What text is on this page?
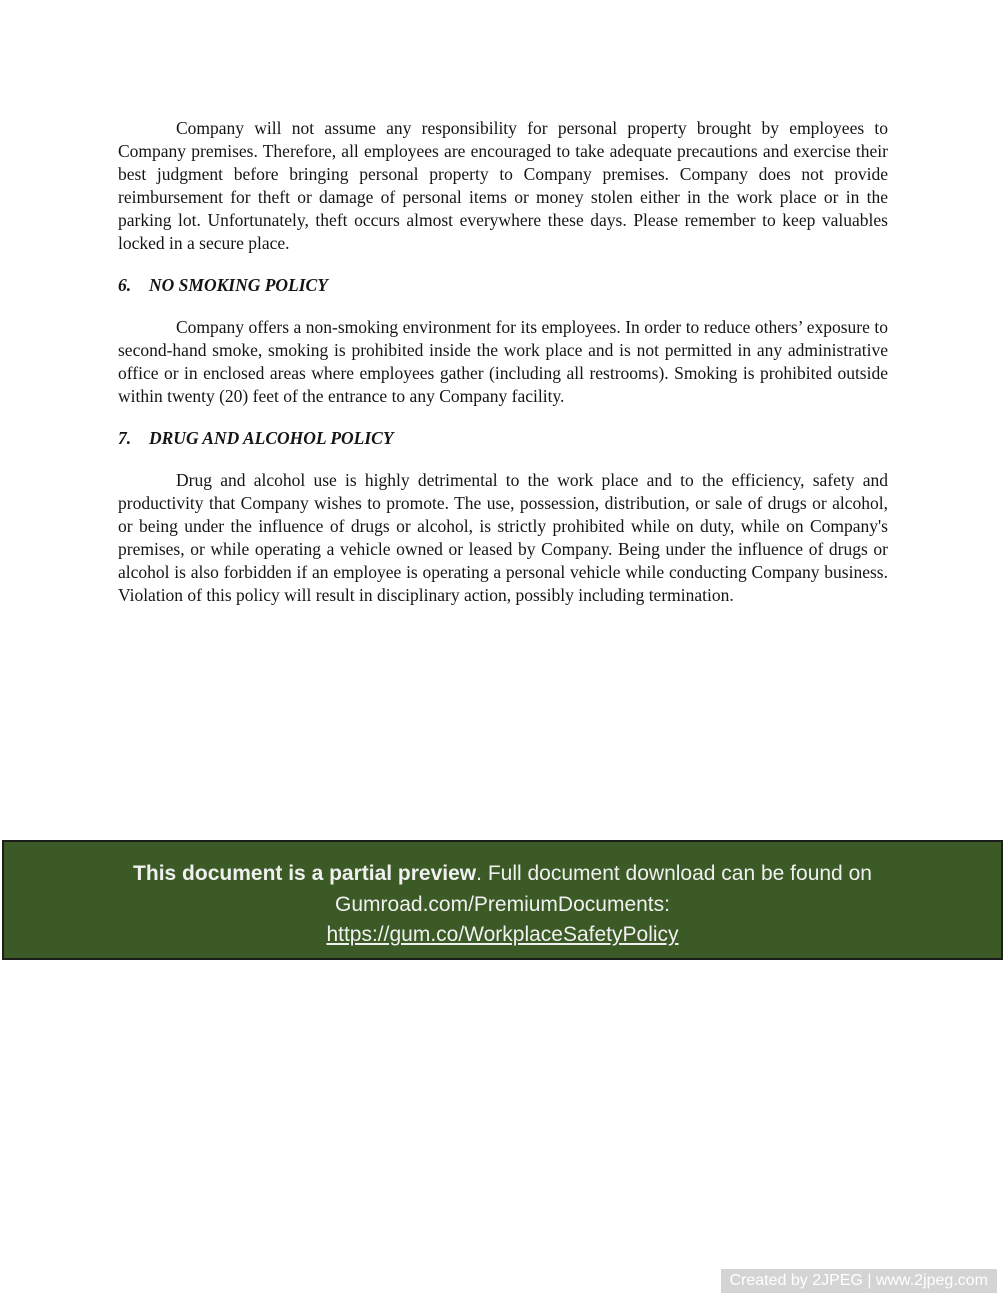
Company will not assume any responsibility for personal property brought by employees to Company premises. Therefore, all employees are encouraged to take adequate precautions and exercise their best judgment before bringing personal property to Company premises. Company does not provide reimbursement for theft or damage of personal items or money stolen either in the work place or in the parking lot. Unfortunately, theft occurs almost everywhere these days. Please remember to keep valuables locked in a secure place.

6. NO SMOKING POLICY

Company offers a non-smoking environment for its employees. In order to reduce others’ exposure to second-hand smoke, smoking is prohibited inside the work place and is not permitted in any administrative office or in enclosed areas where employees gather (including all restrooms). Smoking is prohibited outside within twenty (20) feet of the entrance to any Company facility.

7. DRUG AND ALCOHOL POLICY

Drug and alcohol use is highly detrimental to the work place and to the efficiency, safety and productivity that Company wishes to promote. The use, possession, distribution, or sale of drugs or alcohol, or being under the influence of drugs or alcohol, is strictly prohibited while on duty, while on Company's premises, or while operating a vehicle owned or leased by Company. Being under the influence of drugs or alcohol is also forbidden if an employee is operating a personal vehicle while conducting Company business. Violation of this policy will result in disciplinary action, possibly including termination.

This document is a partial preview. Full document download can be found on
Gumroad.com/PremiumDocuments:
https://gum.co/WorkplaceSafetyPolicy
Created by 2JPEG | www.2jpeg.com
